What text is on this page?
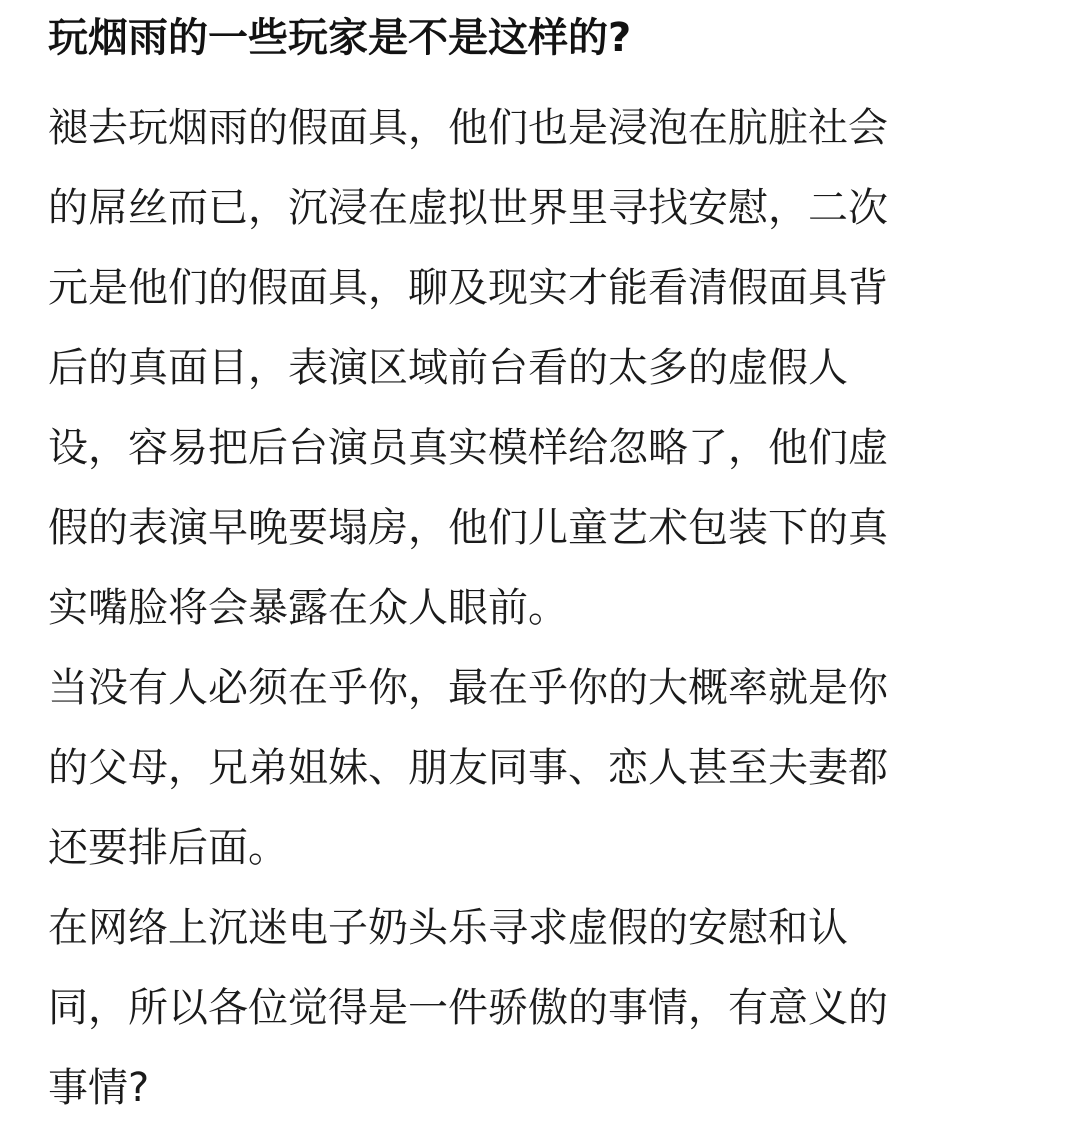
玩烟雨的一些玩家是不是这样的?

褪去玩烟雨的假面具，他们也是浸泡在肮脏社会
的屌丝而已，沉浸在虚拟世界里寻找安慰，二次
元是他们的假面具，聊及现实才能看清假面具背
后的真面目，表演区域前台看的太多的虚假人
设，容易把后台演员真实模样给忽略了，他们虚
假的表演早晚要塌房，他们儿童艺术包装下的真
实嘴脸将会暴露在众人眼前。

当没有人必须在乎你，最在乎你的大概率就是你
的父母，兄弟姐妹、朋友同事、恋人甚至夫妻都
还要排后面。

在网络上沉迷电子奶头乐寻求虚假的安慰和认
同，所以各位觉得是一件骄傲的事情，有意义的
事情?
